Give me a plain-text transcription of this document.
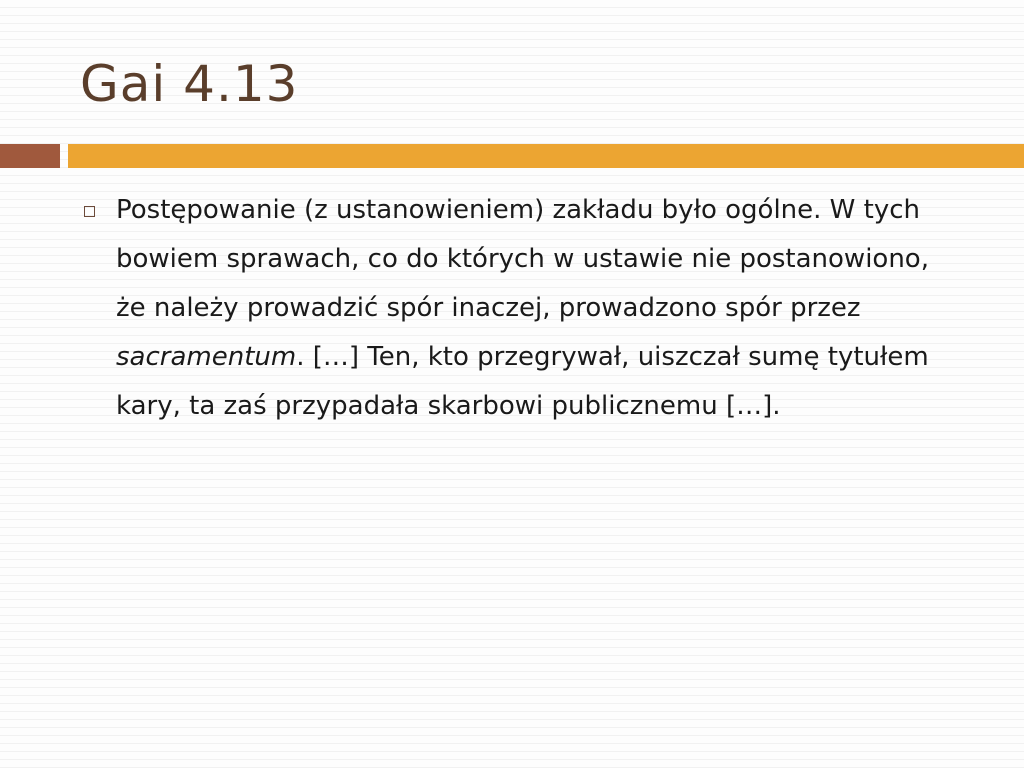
Gai 4.13

Postępowanie (z ustanowieniem) zakładu było ogólne. W tych bowiem sprawach, co do których w ustawie nie postanowiono, że należy prowadzić spór inaczej, prowadzono spór przez sacramentum. […] Ten, kto przegrywał, uiszczał sumę tytułem kary, ta zaś przypadała skarbowi publicznemu […].
